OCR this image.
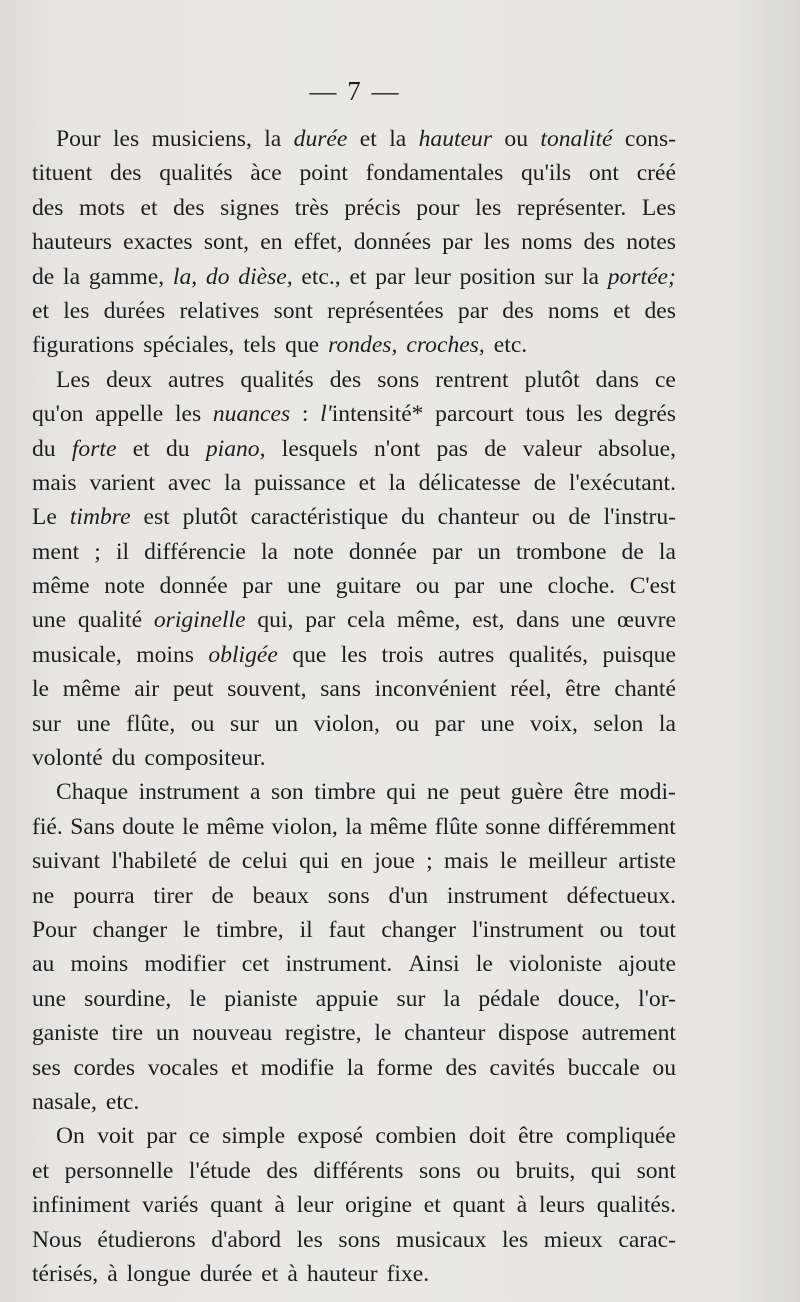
— 7 —
Pour les musiciens, la durée et la hauteur ou tonalité cons-
tituent des qualités àce point fondamentales qu'ils ont créé
des mots et des signes très précis pour les représenter. Les
hauteurs exactes sont, en effet, données par les noms des notes
de la gamme, la, do dièse, etc., et par leur position sur la portée;
et les durées relatives sont représentées par des noms et des
figurations spéciales, tels que rondes, croches, etc.
Les deux autres qualités des sons rentrent plutôt dans ce
qu'on appelle les nuances : l'intensité* parcourt tous les degrés
du forte et du piano, lesquels n'ont pas de valeur absolue,
mais varient avec la puissance et la délicatesse de l'exécutant.
Le timbre est plutôt caractéristique du chanteur ou de l'instru-
ment ; il différencie la note donnée par un trombone de la
même note donnée par une guitare ou par une cloche. C'est
une qualité originelle qui, par cela même, est, dans une œuvre
musicale, moins obligée que les trois autres qualités, puisque
le même air peut souvent, sans inconvénient réel, être chanté
sur une flûte, ou sur un violon, ou par une voix, selon la
volonté du compositeur.
Chaque instrument a son timbre qui ne peut guère être modi-
fié. Sans doute le même violon, la même flûte sonne différemment
suivant l'habileté de celui qui en joue ; mais le meilleur artiste
ne pourra tirer de beaux sons d'un instrument défectueux.
Pour changer le timbre, il faut changer l'instrument ou tout
au moins modifier cet instrument. Ainsi le violoniste ajoute
une sourdine, le pianiste appuie sur la pédale douce, l'or-
ganiste tire un nouveau registre, le chanteur dispose autrement
ses cordes vocales et modifie la forme des cavités buccale ou
nasale, etc.
On voit par ce simple exposé combien doit être compliquée
et personnelle l'étude des différents sons ou bruits, qui sont
infiniment variés quant à leur origine et quant à leurs qualités.
Nous étudierons d'abord les sons musicaux les mieux carac-
térisés, à longue durée et à hauteur fixe.
